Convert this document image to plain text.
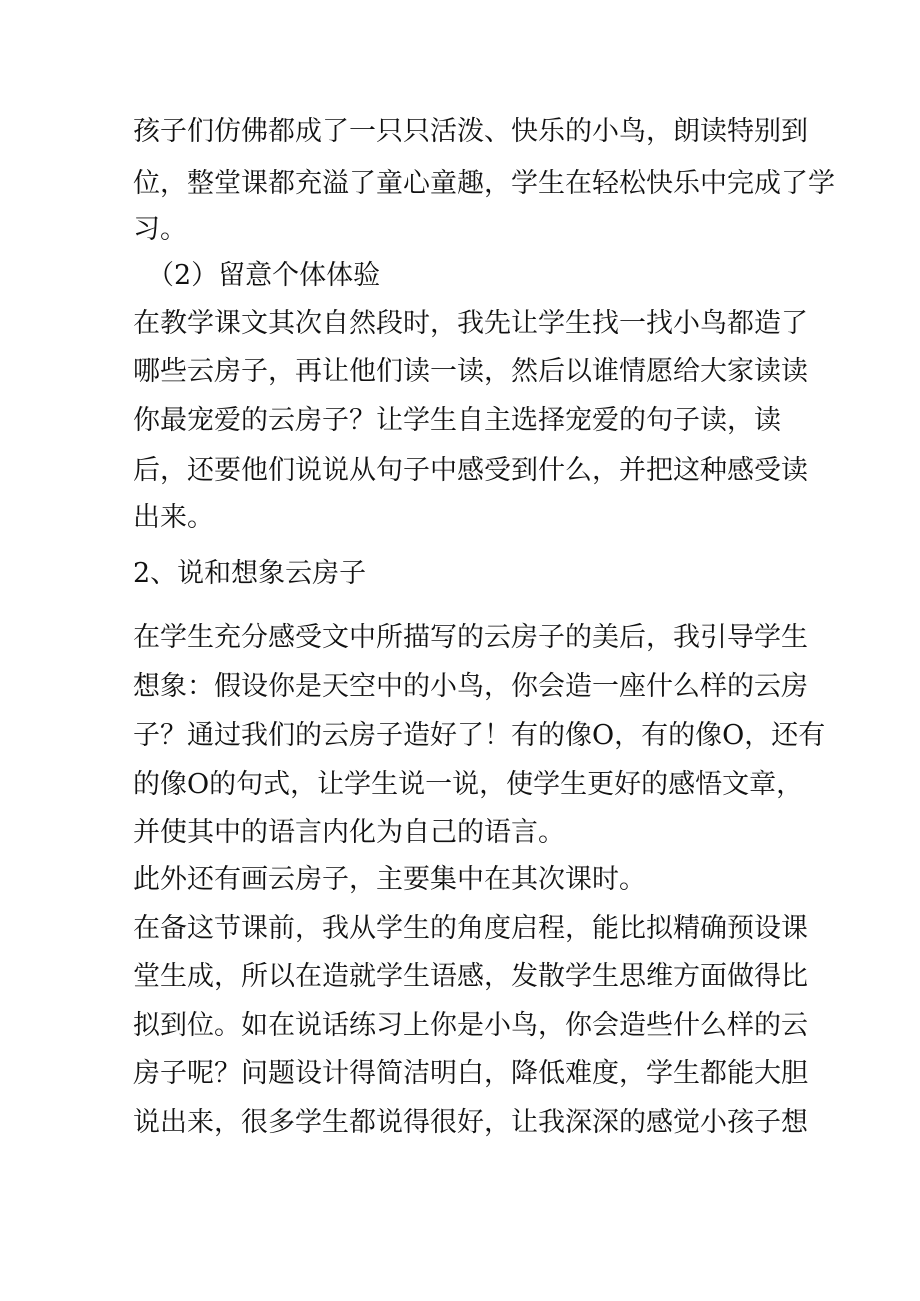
孩子们仿佛都成了一只只活泼、快乐的小鸟，朗读特别到

位，整堂课都充溢了童心童趣，学生在轻松快乐中完成了学

习。

（2）留意个体体验

在教学课文其次自然段时，我先让学生找一找小鸟都造了

哪些云房子，再让他们读一读，然后以谁情愿给大家读读

你最宠爱的云房子？让学生自主选择宠爱的句子读，读

后，还要他们说说从句子中感受到什么，并把这种感受读

出来。

2、说和想象云房子

在学生充分感受文中所描写的云房子的美后，我引导学生

想象：假设你是天空中的小鸟，你会造一座什么样的云房

子？通过我们的云房子造好了！有的像O，有的像O，还有

的像O的句式，让学生说一说，使学生更好的感悟文章，

并使其中的语言内化为自己的语言。

此外还有画云房子，主要集中在其次课时。

在备这节课前，我从学生的角度启程，能比拟精确预设课

堂生成，所以在造就学生语感，发散学生思维方面做得比

拟到位。如在说话练习上你是小鸟，你会造些什么样的云

房子呢？问题设计得简洁明白，降低难度，学生都能大胆

说出来，很多学生都说得很好，让我深深的感觉小孩子想
